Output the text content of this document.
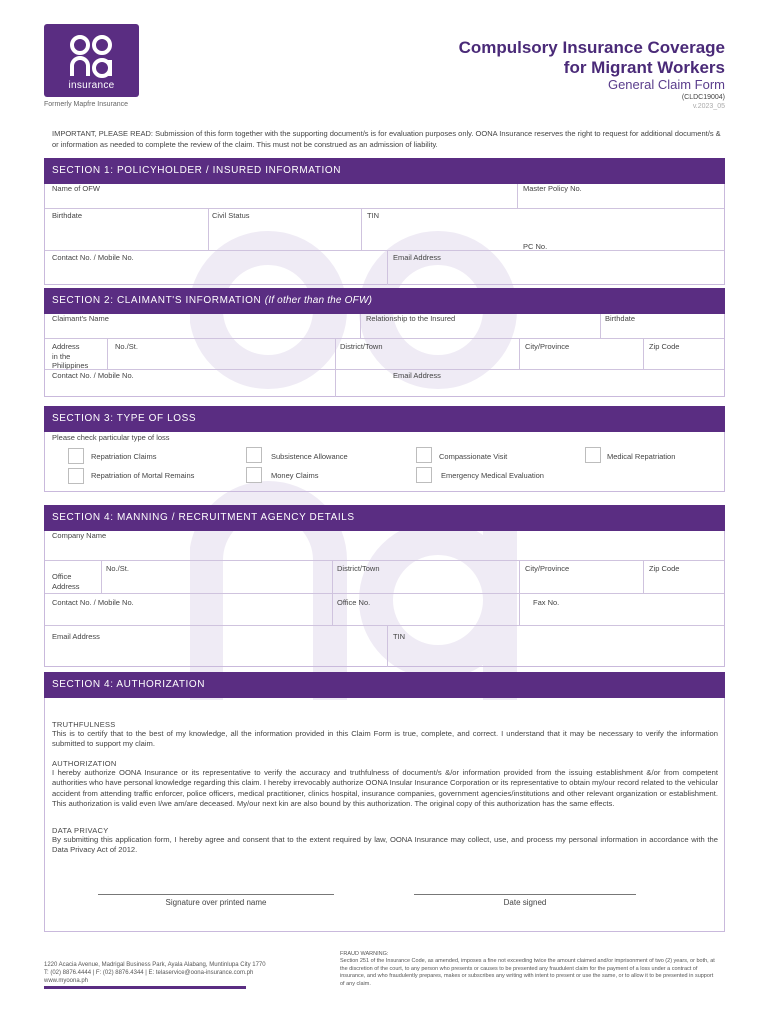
insurance
Formerly Mapfre Insurance
Compulsory Insurance Coverage
for Migrant Workers
General Claim Form
(CLDC19004)
v.2023_05
IMPORTANT, PLEASE READ: Submission of this form together with the supporting document/s is for evaluation purposes only. OONA Insurance reserves the right to request for additional document/s & or information as needed to complete the review of the claim. This must not be construed as an admission of liability.
SECTION 1: POLICYHOLDER / INSURED INFORMATION
Name of OFW	Master Policy No.
Birthdate	Civil Status	TIN
PC No.
Contact No. / Mobile No.	Email Address
SECTION 2: CLAIMANT'S INFORMATION (If other than the OFW)
Claimant's Name	Relationship to the Insured	Birthdate
Address
in the
Philippines
No./St.	District/Town	City/Province	Zip Code
Contact No. / Mobile No.	Email Address
SECTION 3: TYPE OF LOSS
Please check particular type of loss
Repatriation Claims	Subsistence Allowance	Compassionate Visit	Medical Repatriation
Repatriation of Mortal Remains	Money Claims	Emergency Medical Evaluation
SECTION 4: MANNING / RECRUITMENT AGENCY DETAILS
Company Name
No./St.	District/Town	City/Province	Zip Code
Office
Address
Contact No. / Mobile No.	Office No.	Fax No.
Email Address	TIN
SECTION 4: AUTHORIZATION
TRUTHFULNESS
This is to certify that to the best of my knowledge, all the information provided in this Claim Form is true, complete, and correct. I understand that it may be necessary to verify the information submitted to support my claim.
AUTHORIZATION
I hereby authorize OONA Insurance or its representative to verify the accuracy and truthfulness of document/s &/or information provided from the issuing establishment &/or from competent authorities who have personal knowledge regarding this claim. I hereby irrevocably authorize OONA Insular Insurance Corporation or its representative to obtain my/our record related to the vehicular accident from attending traffic enforcer, police officers, medical practitioner, clinics hospital, insurance companies, government agencies/institutions and other relevant organization or establishment. This authorization is valid even I/we am/are deceased. My/our next kin are also bound by this authorization. The original copy of this authorization has the same effects.
DATA PRIVACY
By submitting this application form, I hereby agree and consent that to the extent required by law, OONA Insurance may collect, use, and process my personal information in accordance with the Data Privacy Act of 2012.
Signature over printed name	Date signed
1220 Acacia Avenue, Madrigal Business Park, Ayala Alabang, Muntinlupa City 1770
T: (02) 8876.4444 | F: (02) 8876.4344 | E: telaservice@oona-insurance.com.ph
www.myoona.ph
FRAUD WARNING:
Section 251 of the Insurance Code, as amended, imposes a fine not exceeding twice the amount claimed and/or imprisonment of two (2) years, or both, at the discretion of the court, to any person who presents or causes to be presented any fraudulent claim for the payment of a loss under a contract of insurance, and who fraudulently prepares, makes or subscribes any writing with intent to present or use the same, or to allow it to be presented in support of any claim.
